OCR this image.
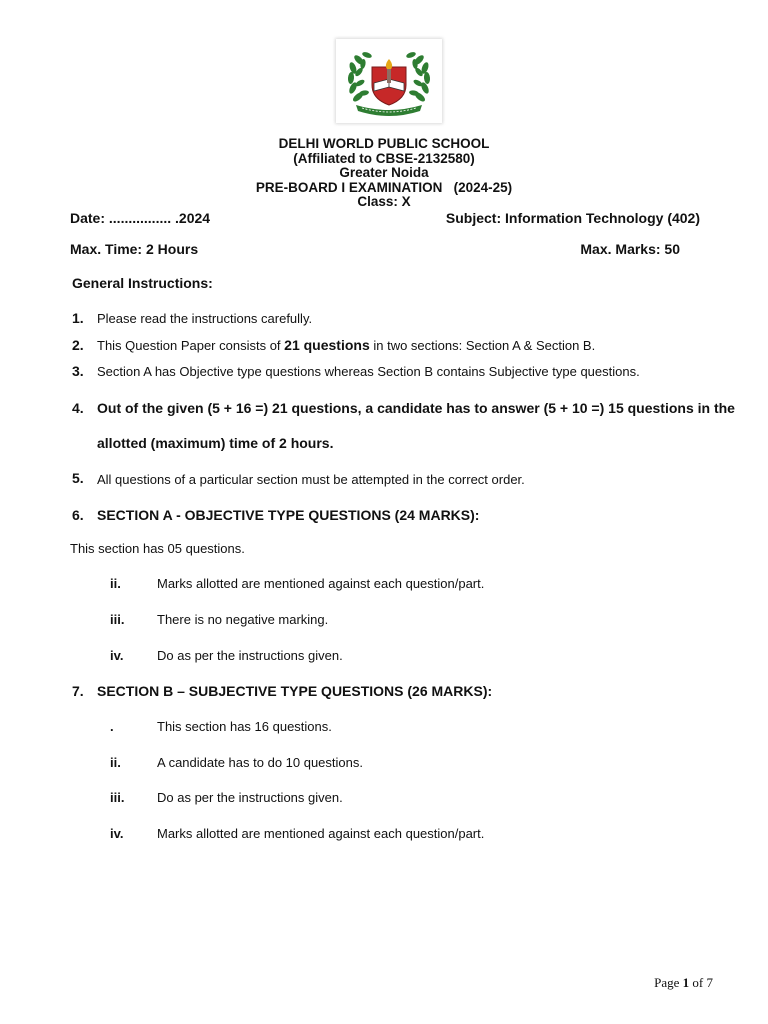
DELHI WORLD PUBLIC SCHOOL
(Affiliated to CBSE-2132580)
Greater Noida
PRE-BOARD I EXAMINATION   (2024-25)
Class: X
Date: ................ .2024	Subject: Information Technology (402)
Max. Time: 2 Hours	Max. Marks: 50
General Instructions:
1. Please read the instructions carefully.
2. This Question Paper consists of 21 questions in two sections: Section A & Section B.
3. Section A has Objective type questions whereas Section B contains Subjective type questions.
4. Out of the given (5 + 16 =) 21 questions, a candidate has to answer (5 + 10 =) 15 questions in the
allotted (maximum) time of 2 hours.
5. All questions of a particular section must be attempted in the correct order.
6. SECTION A - OBJECTIVE TYPE QUESTIONS (24 MARKS):
This section has 05 questions.
ii.	Marks allotted are mentioned against each question/part.
iii.	There is no negative marking.
iv.	Do as per the instructions given.
7. SECTION B – SUBJECTIVE TYPE QUESTIONS (26 MARKS):
.	This section has 16 questions.
ii.	A candidate has to do 10 questions.
iii.	Do as per the instructions given.
iv.	Marks allotted are mentioned against each question/part.
Page 1 of 7
